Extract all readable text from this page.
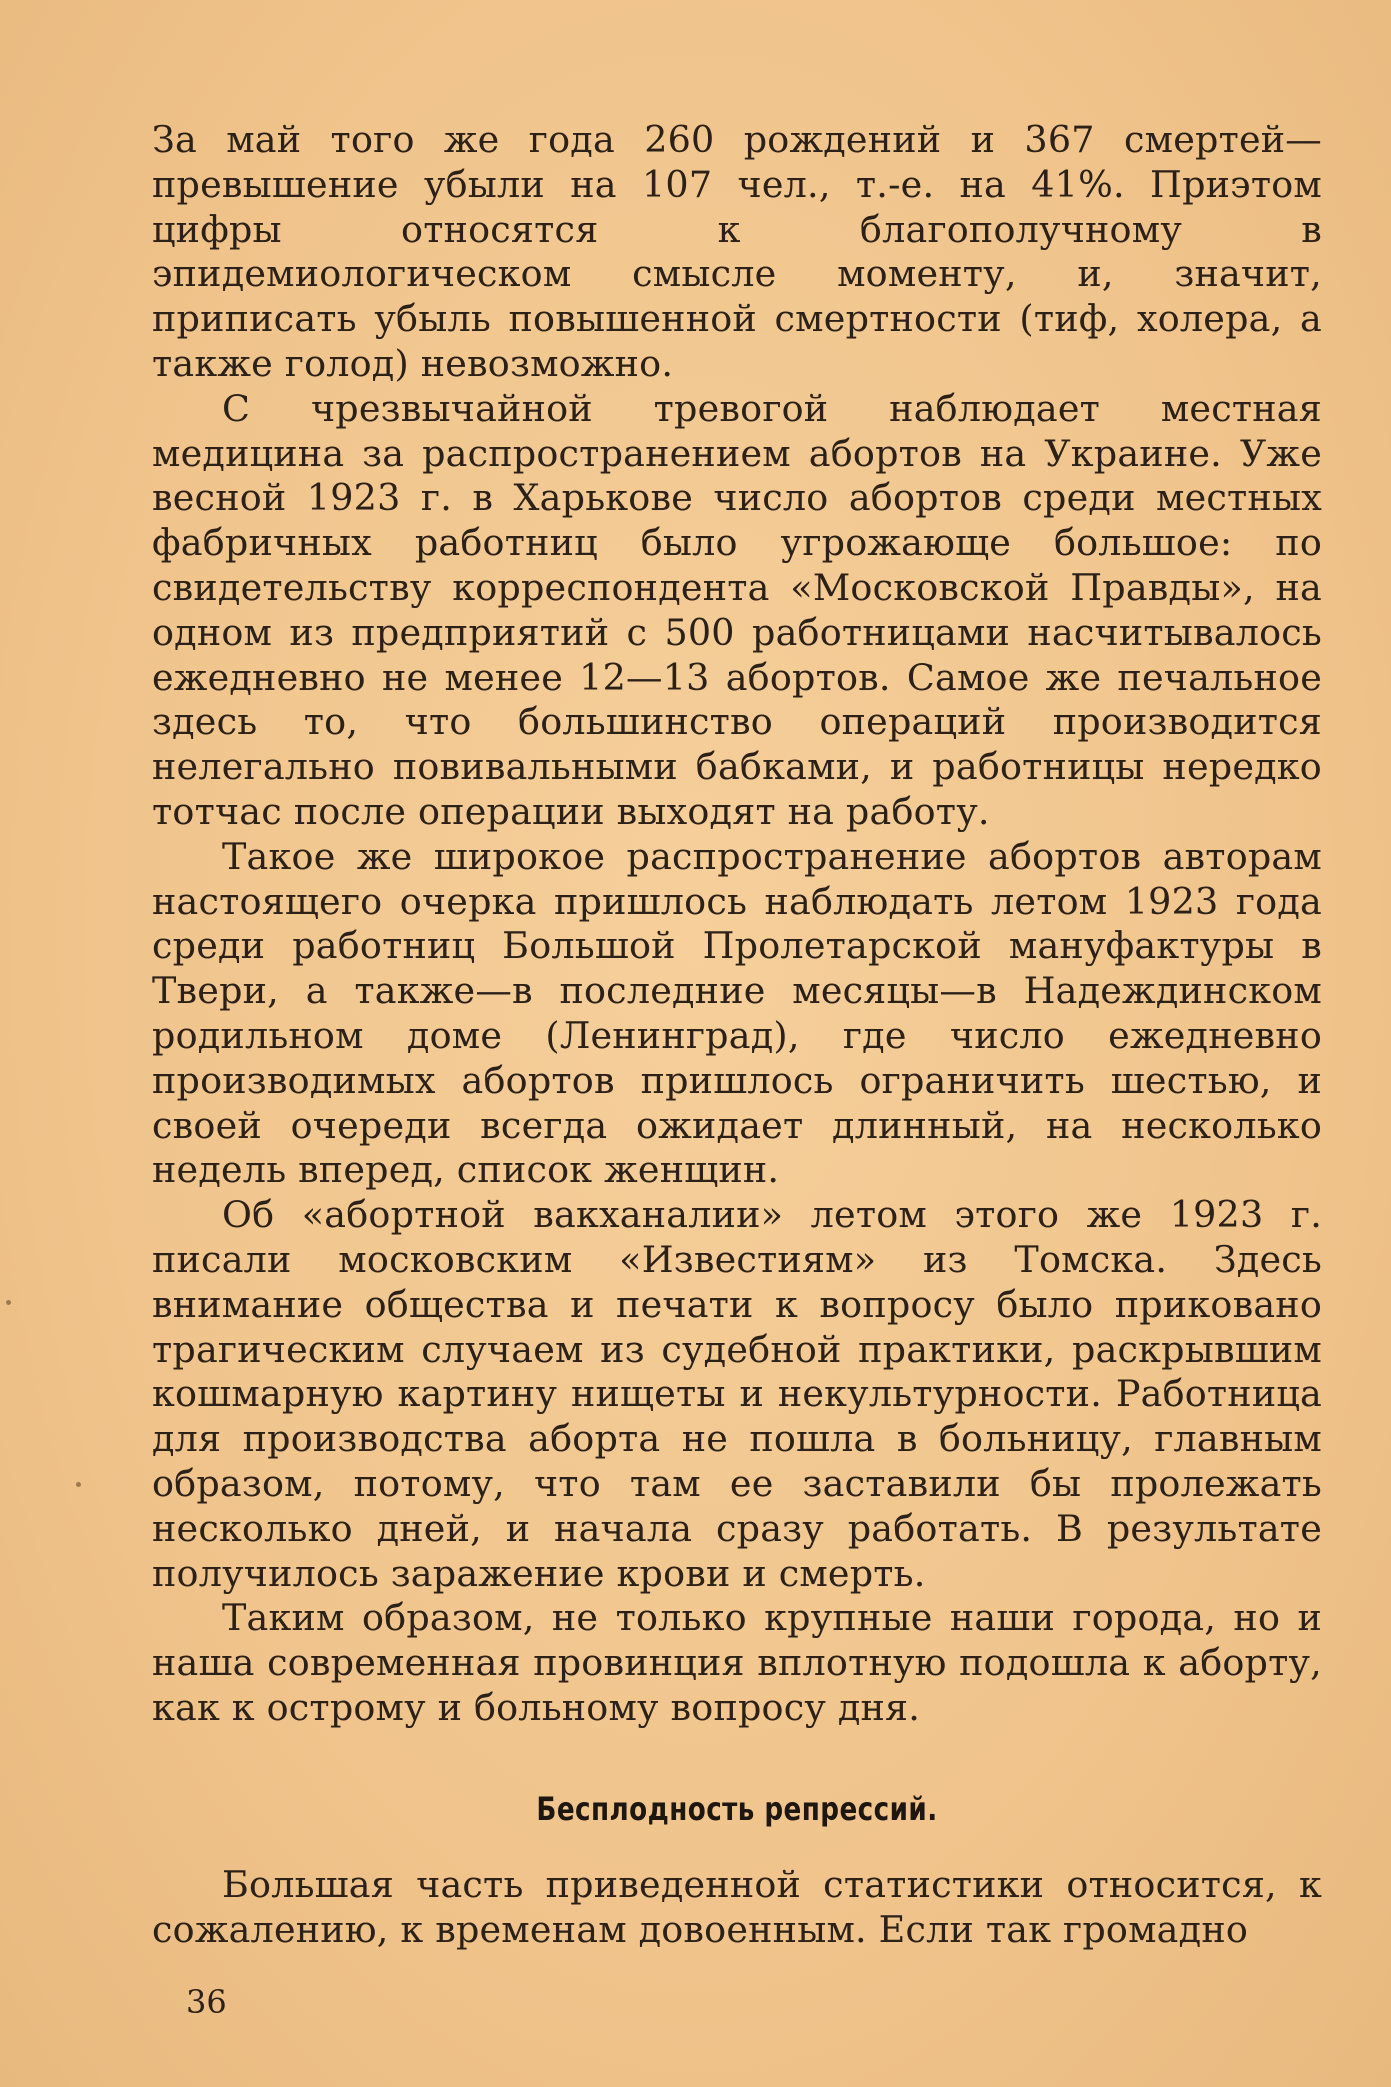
За май того же года 260 рождений и 367 смертей—превышение убыли на 107 чел., т.-е. на 41%. Приэтом цифры относятся к благополучному в эпидемиологическом смысле моменту, и, значит, приписать убыль повышенной смертности (тиф, холера, а также голод) невозможно.

С чрезвычайной тревогой наблюдает местная медицина за распространением абортов на Украине. Уже весной 1923 г. в Харькове число абортов среди местных фабричных работниц было угрожающе большое: по свидетельству корреспондента «Московской Правды», на одном из предприятий с 500 работницами насчитывалось ежедневно не менее 12—13 абортов. Самое же печальное здесь то, что большинство операций производится нелегально повивальными бабками, и работницы нередко тотчас после операции выходят на работу.

Такое же широкое распространение абортов авторам настоящего очерка пришлось наблюдать летом 1923 года среди работниц Большой Пролетарской мануфактуры в Твери, а также—в последние месяцы—в Надеждинском родильном доме (Ленинград), где число ежедневно производимых абортов пришлось ограничить шестью, и своей очереди всегда ожидает длинный, на несколько недель вперед, список женщин.

Об «абортной вакханалии» летом этого же 1923 г. писали московским «Известиям» из Томска. Здесь внимание общества и печати к вопросу было приковано трагическим случаем из судебной практики, раскрывшим кошмарную картину нищеты и некультурности. Работница для производства аборта не пошла в больницу, главным образом, потому, что там ее заставили бы пролежать несколько дней, и начала сразу работать. В результате получилось заражение крови и смерть.

Таким образом, не только крупные наши города, но и наша современная провинция вплотную подошла к аборту, как к острому и больному вопросу дня.

Бесплодность репрессий.

Большая часть приведенной статистики относится, к сожалению, к временам довоенным. Если так громадно

36
